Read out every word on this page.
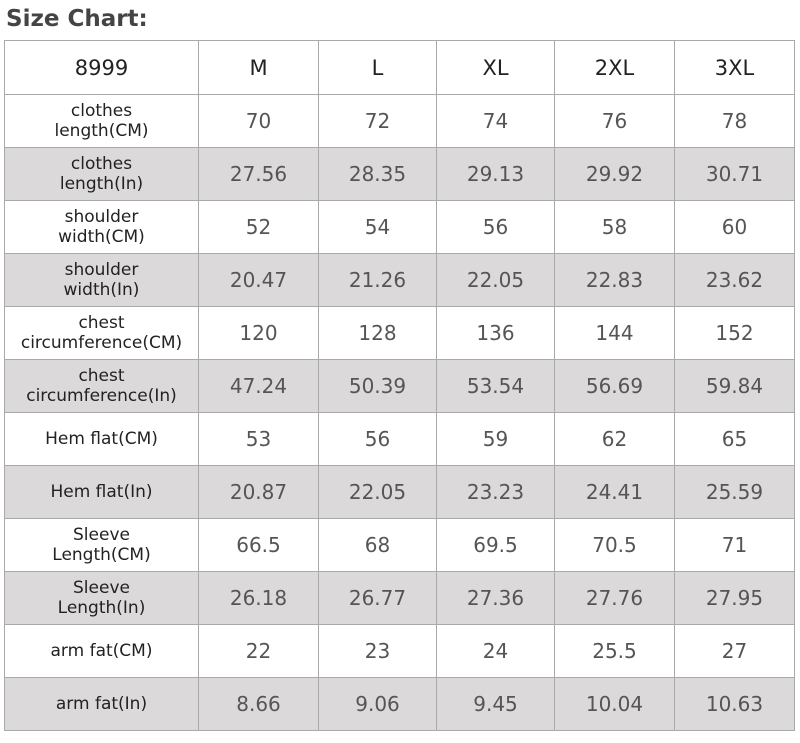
Size Chart:
8999	M	L	XL	2XL	3XL
clothes
length(CM)	70	72	74	76	78
clothes
length(In)	27.56	28.35	29.13	29.92	30.71
shoulder
width(CM)	52	54	56	58	60
shoulder
width(In)	20.47	21.26	22.05	22.83	23.62
chest
circumference(CM)	120	128	136	144	152
chest
circumference(In)	47.24	50.39	53.54	56.69	59.84
Hem flat(CM)	53	56	59	62	65
Hem flat(In)	20.87	22.05	23.23	24.41	25.59
Sleeve
Length(CM)	66.5	68	69.5	70.5	71
Sleeve
Length(In)	26.18	26.77	27.36	27.76	27.95
arm fat(CM)	22	23	24	25.5	27
arm fat(In)	8.66	9.06	9.45	10.04	10.63
